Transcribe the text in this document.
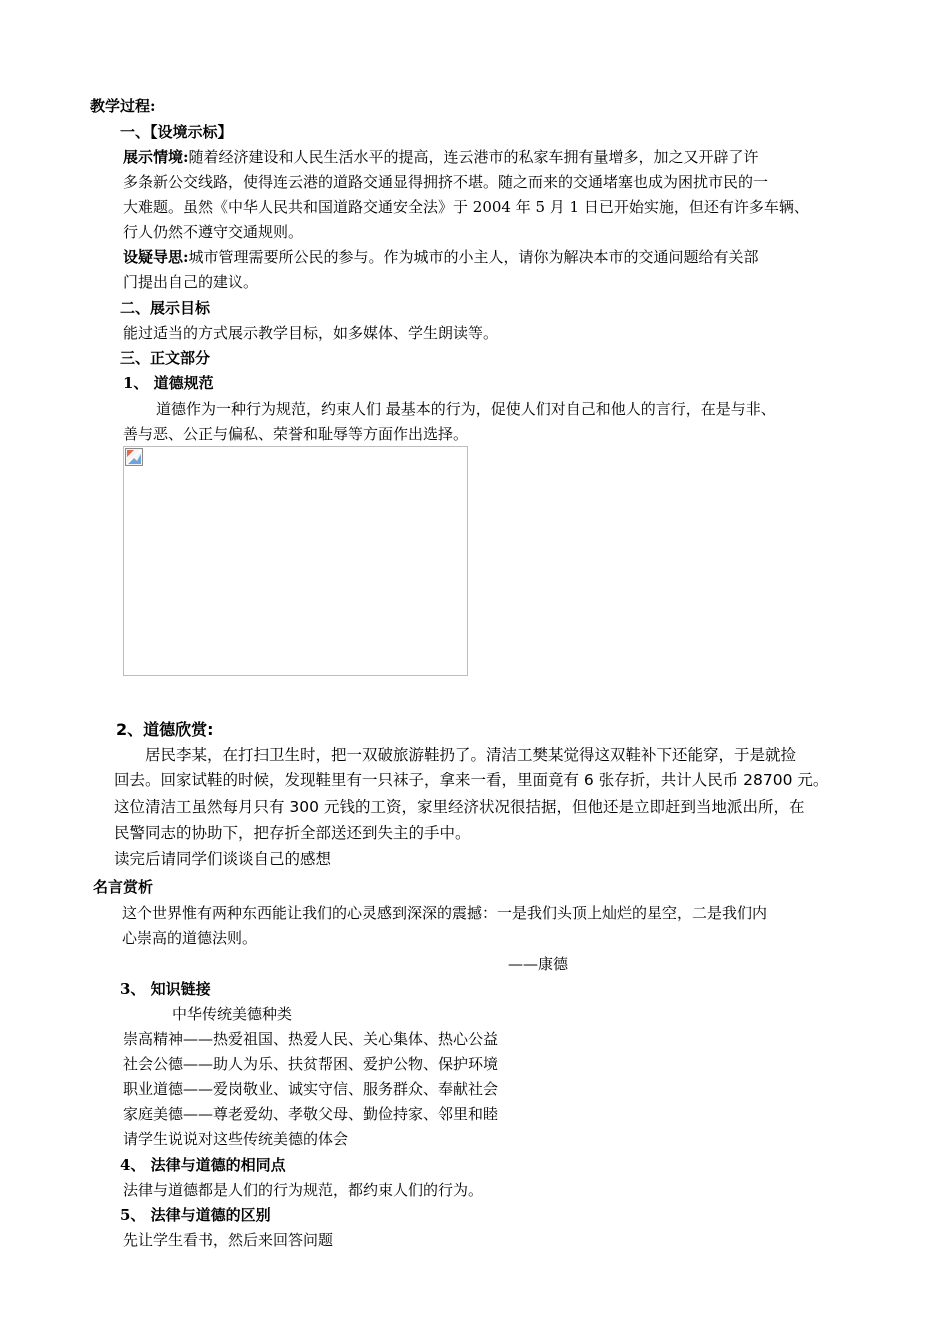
教学过程:
一、【设境示标】
展示情境:随着经济建设和人民生活水平的提高，连云港市的私家车拥有量增多，加之又开辟了许
多条新公交线路，使得连云港的道路交通显得拥挤不堪。随之而来的交通堵塞也成为困扰市民的一
大难题。虽然《中华人民共和国道路交通安全法》于 2004 年 5 月 1 日已开始实施，但还有许多车辆、
行人仍然不遵守交通规则。
设疑导思:城市管理需要所公民的参与。作为城市的小主人，请你为解决本市的交通问题给有关部
门提出自己的建议。
二、展示目标
能过适当的方式展示教学目标，如多媒体、学生朗读等。
三、正文部分
1、 道德规范
道德作为一种行为规范，约束人们 最基本的行为，促使人们对自己和他人的言行，在是与非、
善与恶、公正与偏私、荣誉和耻辱等方面作出选择。
2、道德欣赏:
居民李某，在打扫卫生时，把一双破旅游鞋扔了。清洁工樊某觉得这双鞋补下还能穿，于是就捡
回去。回家试鞋的时候，发现鞋里有一只袜子，拿来一看，里面竟有 6 张存折，共计人民币 28700 元。
这位清洁工虽然每月只有 300 元钱的工资，家里经济状况很拮据，但他还是立即赶到当地派出所，在
民警同志的协助下，把存折全部送还到失主的手中。
读完后请同学们谈谈自己的感想
名言赏析
这个世界惟有两种东西能让我们的心灵感到深深的震撼：一是我们头顶上灿烂的星空，二是我们内
心崇高的道德法则。
——康德
3、 知识链接
中华传统美德种类
崇高精神——热爱祖国、热爱人民、关心集体、热心公益
社会公德——助人为乐、扶贫帮困、爱护公物、保护环境
职业道德——爱岗敬业、诚实守信、服务群众、奉献社会
家庭美德——尊老爱幼、孝敬父母、勤俭持家、邻里和睦
请学生说说对这些传统美德的体会
4、 法律与道德的相同点
法律与道德都是人们的行为规范，都约束人们的行为。
5、 法律与道德的区别
先让学生看书，然后来回答问题
